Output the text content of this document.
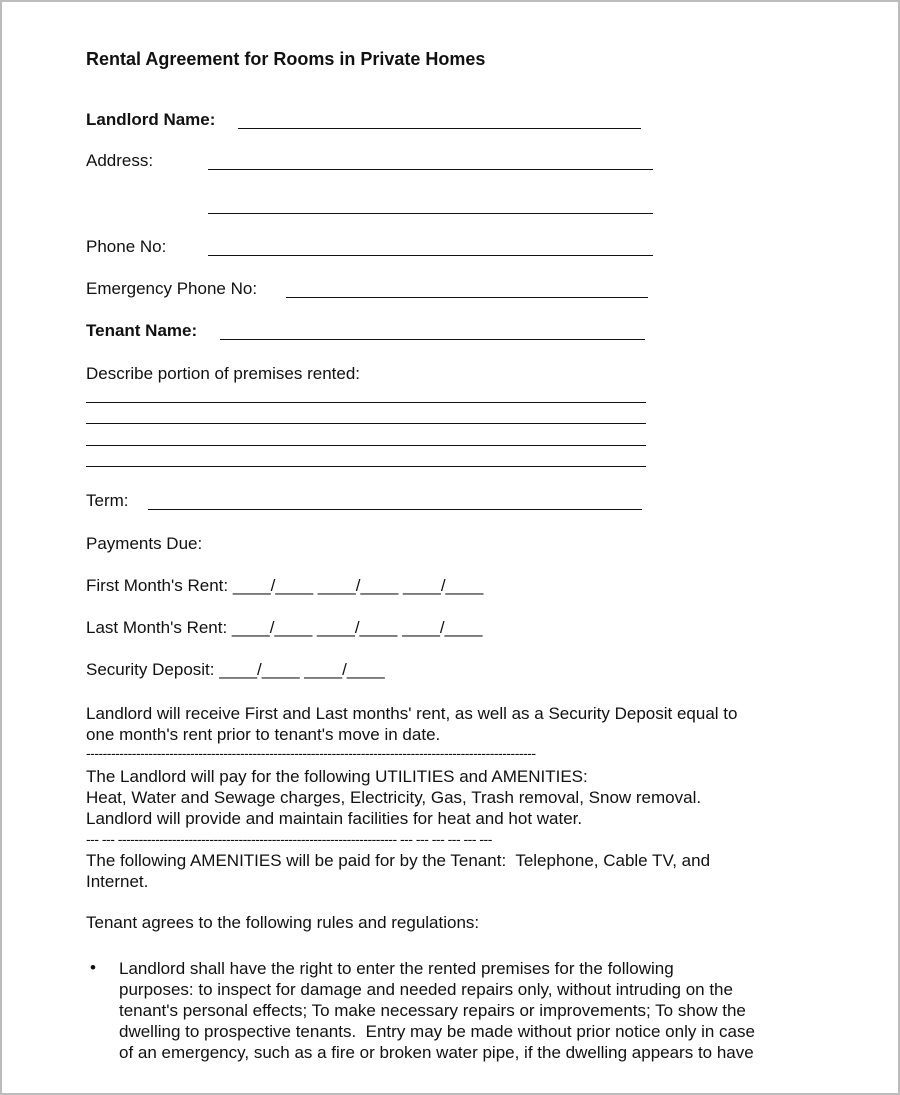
Rental Agreement for Rooms in Private Homes
Landlord Name:
Address:
Phone No:
Emergency Phone No:
Tenant Name:
Describe portion of premises rented:
Term:
Payments Due:
First Month's Rent: ____/____ ____/____ ____/____
Last Month's Rent: ____/____ ____/____ ____/____
Security Deposit: ____/____ ____/____
Landlord will receive First and Last months' rent, as well as a Security Deposit equal to
one month's rent prior to tenant's move in date.
------------------------------------------------------------------------------------------------------------
The Landlord will pay for the following UTILITIES and AMENITIES:
Heat, Water and Sewage charges, Electricity, Gas, Trash removal, Snow removal.
Landlord will provide and maintain facilities for heat and hot water.
--- --- ------------------------------------------------------------------- --- --- --- --- --- ---
The following AMENITIES will be paid for by the Tenant:  Telephone, Cable TV, and
Internet.
Tenant agrees to the following rules and regulations:
• Landlord shall have the right to enter the rented premises for the following
purposes: to inspect for damage and needed repairs only, without intruding on the
tenant's personal effects; To make necessary repairs or improvements; To show the
dwelling to prospective tenants.  Entry may be made without prior notice only in case
of an emergency, such as a fire or broken water pipe, if the dwelling appears to have
